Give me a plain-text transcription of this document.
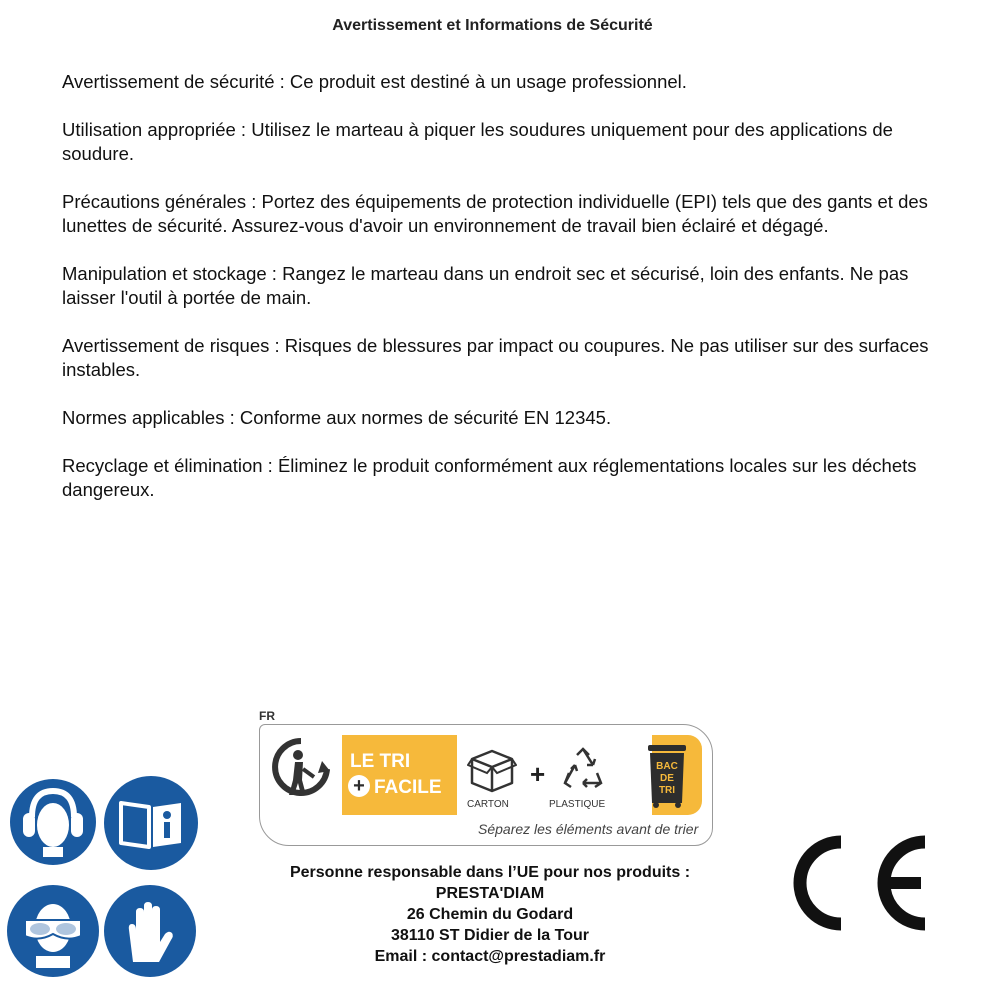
Avertissement et Informations de Sécurité

Avertissement de sécurité : Ce produit est destiné à un usage professionnel.

Utilisation appropriée : Utilisez le marteau à piquer les soudures uniquement pour des applications de soudure.

Précautions générales : Portez des équipements de protection individuelle (EPI) tels que des gants et des lunettes de sécurité. Assurez-vous d'avoir un environnement de travail bien éclairé et dégagé.

Manipulation et stockage : Rangez le marteau dans un endroit sec et sécurisé, loin des enfants. Ne pas laisser l'outil à portée de main.

Avertissement de risques : Risques de blessures par impact ou coupures. Ne pas utiliser sur des surfaces instables.

Normes applicables : Conforme aux normes de sécurité EN 12345.

Recyclage et élimination : Éliminez le produit conformément aux réglementations locales sur les déchets dangereux.

FR
LE TRI
+ FACILE	+
CARTON	PLASTIQUE
BAC
DE
TRI
Séparez les éléments avant de trier
Personne responsable dans l’UE pour nos produits :
PRESTA'DIAM
26 Chemin du Godard
38110 ST Didier de la Tour
Email : contact@prestadiam.fr
